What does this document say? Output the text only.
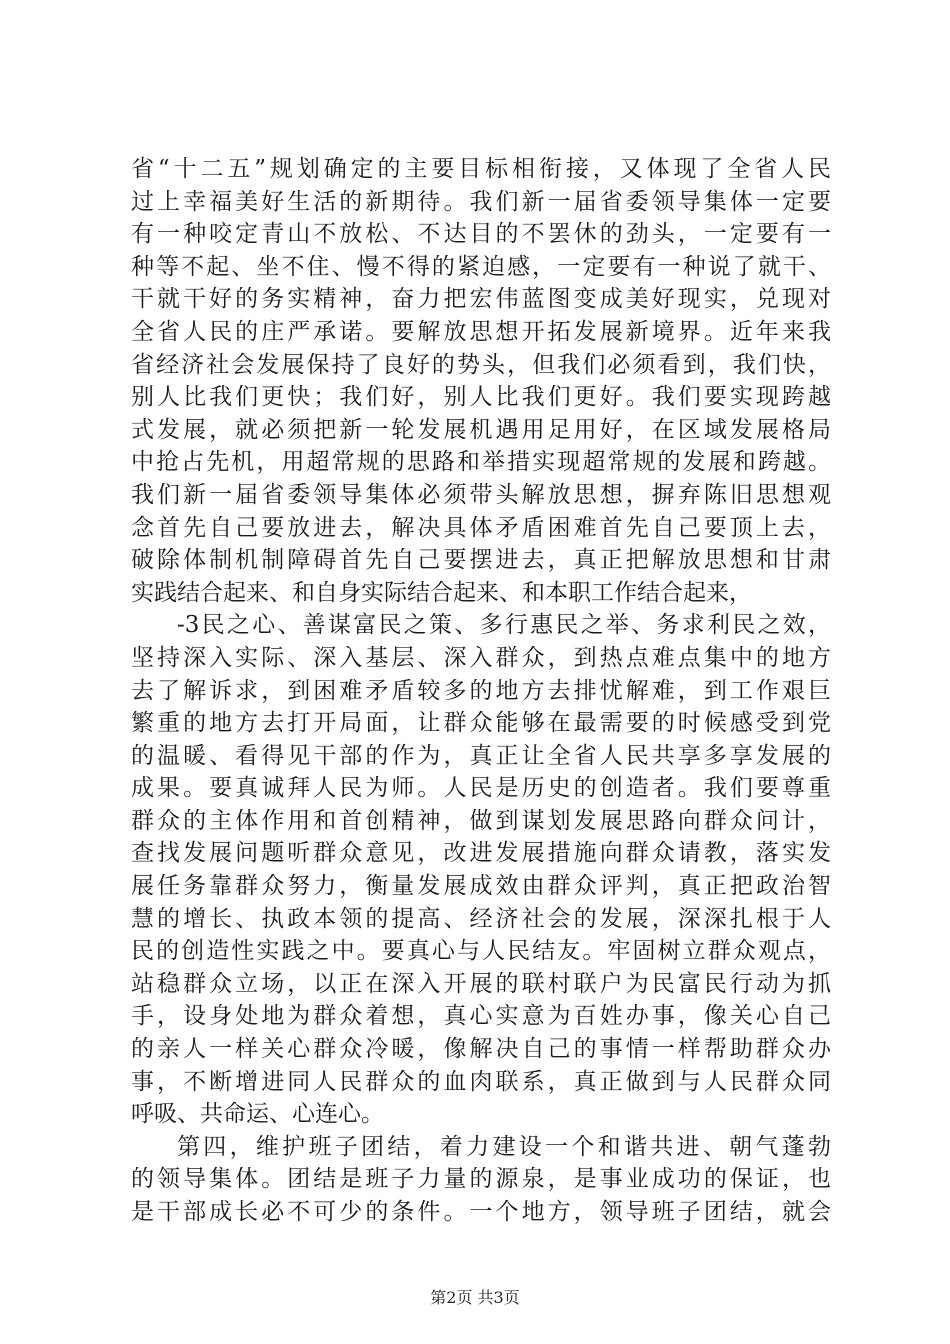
省“十二五”规划确定的主要目标相衔接，又体现了全省人民
过上幸福美好生活的新期待。我们新一届省委领导集体一定要
有一种咬定青山不放松、不达目的不罢休的劲头，一定要有一
种等不起、坐不住、慢不得的紧迫感，一定要有一种说了就干、
干就干好的务实精神，奋力把宏伟蓝图变成美好现实，兑现对
全省人民的庄严承诺。要解放思想开拓发展新境界。近年来我
省经济社会发展保持了良好的势头，但我们必须看到，我们快，
别人比我们更快；我们好，别人比我们更好。我们要实现跨越
式发展，就必须把新一轮发展机遇用足用好，在区域发展格局
中抢占先机，用超常规的思路和举措实现超常规的发展和跨越。
我们新一届省委领导集体必须带头解放思想，摒弃陈旧思想观
念首先自己要放进去，解决具体矛盾困难首先自己要顶上去，
破除体制机制障碍首先自己要摆进去，真正把解放思想和甘肃
实践结合起来、和自身实际结合起来、和本职工作结合起来，
-3民之心、善谋富民之策、多行惠民之举、务求利民之效，
坚持深入实际、深入基层、深入群众，到热点难点集中的地方
去了解诉求，到困难矛盾较多的地方去排忧解难，到工作艰巨
繁重的地方去打开局面，让群众能够在最需要的时候感受到党
的温暖、看得见干部的作为，真正让全省人民共享多享发展的
成果。要真诚拜人民为师。人民是历史的创造者。我们要尊重
群众的主体作用和首创精神，做到谋划发展思路向群众问计，
查找发展问题听群众意见，改进发展措施向群众请教，落实发
展任务靠群众努力，衡量发展成效由群众评判，真正把政治智
慧的增长、执政本领的提高、经济社会的发展，深深扎根于人
民的创造性实践之中。要真心与人民结友。牢固树立群众观点，
站稳群众立场，以正在深入开展的联村联户为民富民行动为抓
手，设身处地为群众着想，真心实意为百姓办事，像关心自己
的亲人一样关心群众冷暖，像解决自己的事情一样帮助群众办
事，不断增进同人民群众的血肉联系，真正做到与人民群众同
呼吸、共命运、心连心。
第四，维护班子团结，着力建设一个和谐共进、朝气蓬勃
的领导集体。团结是班子力量的源泉，是事业成功的保证，也
是干部成长必不可少的条件。一个地方，领导班子团结，就会
第2页 共3页
